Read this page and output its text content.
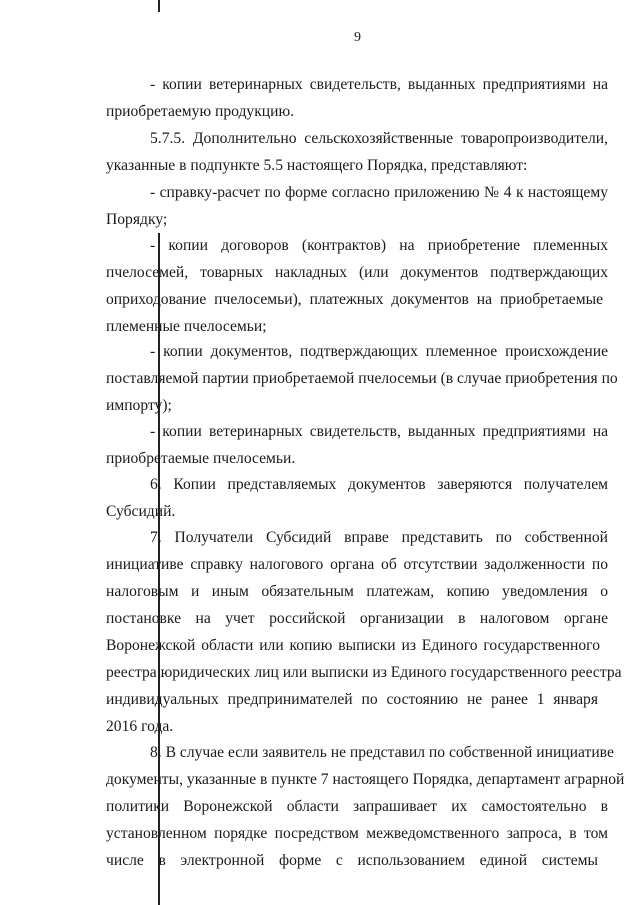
9
- копии ветеринарных свидетельств, выданных предприятиями на
приобретаемую продукцию.
5.7.5. Дополнительно сельскохозяйственные товаропроизводители,
указанные в подпункте 5.5 настоящего Порядка, представляют:
- справку-расчет по форме согласно приложению № 4 к настоящему
Порядку;
- копии договоров (контрактов) на приобретение племенных
пчелосемей, товарных накладных (или документов подтверждающих
оприходование пчелосемьи), платежных документов на приобретаемые
племенные пчелосемьи;
- копии документов, подтверждающих племенное происхождение
поставляемой партии приобретаемой пчелосемьи (в случае приобретения по
импорту);
- копии ветеринарных свидетельств, выданных предприятиями на
приобретаемые пчелосемьи.
6. Копии представляемых документов заверяются получателем
Субсидий.
7. Получатели Субсидий вправе представить по собственной
инициативе справку налогового органа об отсутствии задолженности по
налоговым и иным обязательным платежам, копию уведомления о
постановке на учет российской организации в налоговом органе
Воронежской области или копию выписки из Единого государственного
реестра юридических лиц или выписки из Единого государственного реестра
индивидуальных предпринимателей по состоянию не ранее 1 января
2016 года.
8. В случае если заявитель не представил по собственной инициативе
документы, указанные в пункте 7 настоящего Порядка, департамент аграрной
политики Воронежской области запрашивает их самостоятельно в
установленном порядке посредством межведомственного запроса, в том
числе в электронной форме с использованием единой системы
